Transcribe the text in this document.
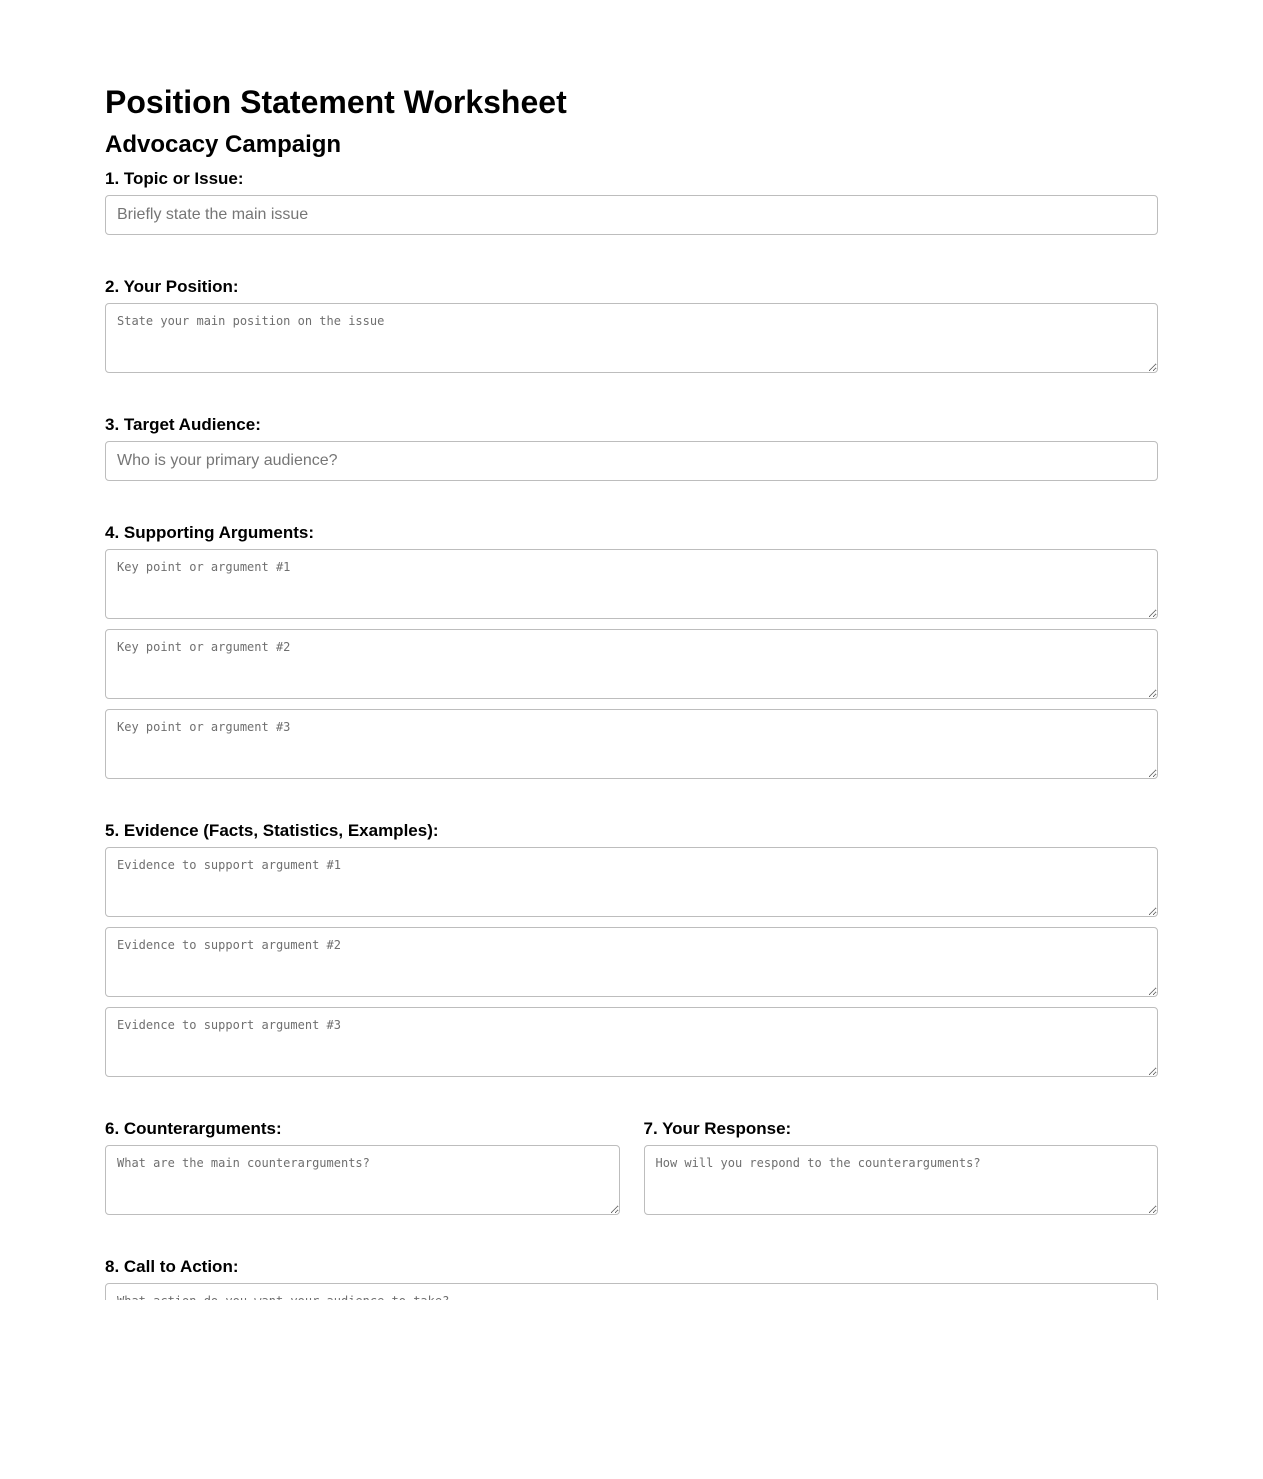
Position Statement Worksheet
Advocacy Campaign
1. Topic or Issue:
Briefly state the main issue
2. Your Position:
State your main position on the issue
3. Target Audience:
Who is your primary audience?
4. Supporting Arguments:
Key point or argument #1
Key point or argument #2
Key point or argument #3
5. Evidence (Facts, Statistics, Examples):
Evidence to support argument #1
Evidence to support argument #2
Evidence to support argument #3
6. Counterarguments:
What are the main counterarguments?	7. Your Response:
How will you respond to the counterarguments?
8. Call to Action:
What action do you want your audience to take?
